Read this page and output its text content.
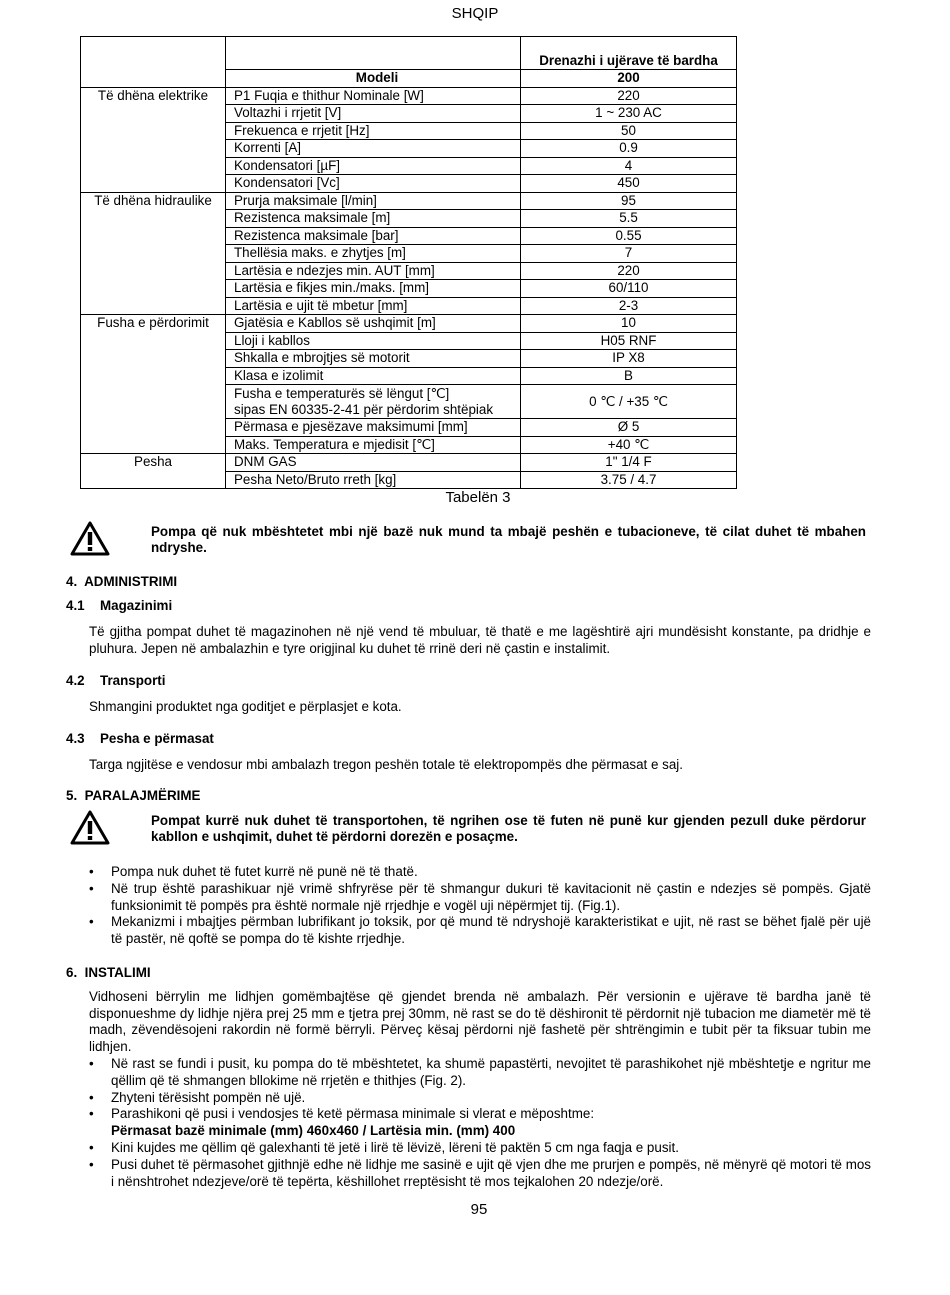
SHQIP
		Drenazhi i ujërave të bardha
	Modeli	200
Të dhëna elektrike	P1 Fuqia e thithur Nominale [W]	220
	Voltazhi i rrjetit [V]	1 ~ 230 AC
	Frekuenca e rrjetit [Hz]	50
	Korrenti [A]	0.9
	Kondensatori [µF]	4
	Kondensatori [Vc]	450
Të dhëna hidraulike	Prurja maksimale [l/min]	95
	Rezistenca maksimale [m]	5.5
	Rezistenca maksimale [bar]	0.55
	Thellësia maks. e zhytjes [m]	7
	Lartësia e ndezjes min. AUT [mm]	220
	Lartësia e fikjes min./maks. [mm]	60/110
	Lartësia e ujit të mbetur [mm]	2-3
Fusha e përdorimit	Gjatësia e Kabllos së ushqimit [m]	10
	Lloji i kabllos	H05 RNF
	Shkalla e mbrojtjes së motorit	IP X8
	Klasa e izolimit	B
	Fusha e temperaturës së lëngut [℃]
sipas EN 60335-2-41 për përdorim shtëpiak	0 ℃ / +35 ℃
	Përmasa e pjesëzave maksimumi [mm]	Ø 5
	Maks. Temperatura e mjedisit [℃]	+40 ℃
Pesha	DNM GAS	1" 1/4 F
	Pesha Neto/Bruto rreth [kg]	3.75 / 4.7
Tabelën 3
Pompa që nuk mbështetet mbi një bazë nuk mund ta mbajë peshën e tubacioneve, të cilat duhet të mbahen ndryshe.
4. ADMINISTRIMI
4.1 Magazinimi
Të gjitha pompat duhet të magazinohen në një vend të mbuluar, të thatë e me lagështirë ajri mundësisht konstante, pa dridhje e pluhura. Jepen në ambalazhin e tyre origjinal ku duhet të rrinë deri në çastin e instalimit.
4.2 Transporti
Shmangini produktet nga goditjet e përplasjet e kota.
4.3 Pesha e përmasat
Targa ngjitëse e vendosur mbi ambalazh tregon peshën totale të elektropompës dhe përmasat e saj.
5. PARALAJMËRIME
Pompat kurrë nuk duhet të transportohen, të ngrihen ose të futen në punë kur gjenden pezull duke përdorur kabllon e ushqimit, duhet të përdorni dorezën e posaçme.
• Pompa nuk duhet të futet kurrë në punë në të thatë.
• Në trup është parashikuar një vrimë shfryrëse për të shmangur dukuri të kavitacionit në çastin e ndezjes së pompës. Gjatë funksionimit të pompës pra është normale një rrjedhje e vogël uji nëpërmjet tij. (Fig.1).
• Mekanizmi i mbajtjes përmban lubrifikant jo toksik, por që mund të ndryshojë karakteristikat e ujit, në rast se bëhet fjalë për ujë të pastër, në qoftë se pompa do të kishte rrjedhje.
6. INSTALIMI
Vidhoseni bërrylin me lidhjen gomëmbajtëse që gjendet brenda në ambalazh. Për versionin e ujërave të bardha janë të disponueshme dy lidhje njëra prej 25 mm e tjetra prej 30mm, në rast se do të dëshironit të përdornit një tubacion me diametër më të madh, zëvendësojeni rakordin në formë bërryli. Përveç kësaj përdorni një fashetë për shtrëngimin e tubit për ta fiksuar tubin me lidhjen.
• Në rast se fundi i pusit, ku pompa do të mbështetet, ka shumë papastërti, nevojitet të parashikohet një mbështetje e ngritur me qëllim që të shmangen bllokime në rrjetën e thithjes (Fig. 2).
• Zhyteni tërësisht pompën në ujë.
• Parashikoni që pusi i vendosjes të ketë përmasa minimale si vlerat e mëposhtme:
Përmasat bazë minimale (mm) 460x460 / Lartësia min. (mm) 400
• Kini kujdes me qëllim që galexhanti të jetë i lirë të lëvizë, lëreni të paktën 5 cm nga faqja e pusit.
• Pusi duhet të përmasohet gjithnjë edhe në lidhje me sasinë e ujit që vjen dhe me prurjen e pompës, në mënyrë që motori të mos i nënshtrohet ndezjeve/orë të tepërta, këshillohet rreptësisht të mos tejkalohen 20 ndezje/orë.
95
